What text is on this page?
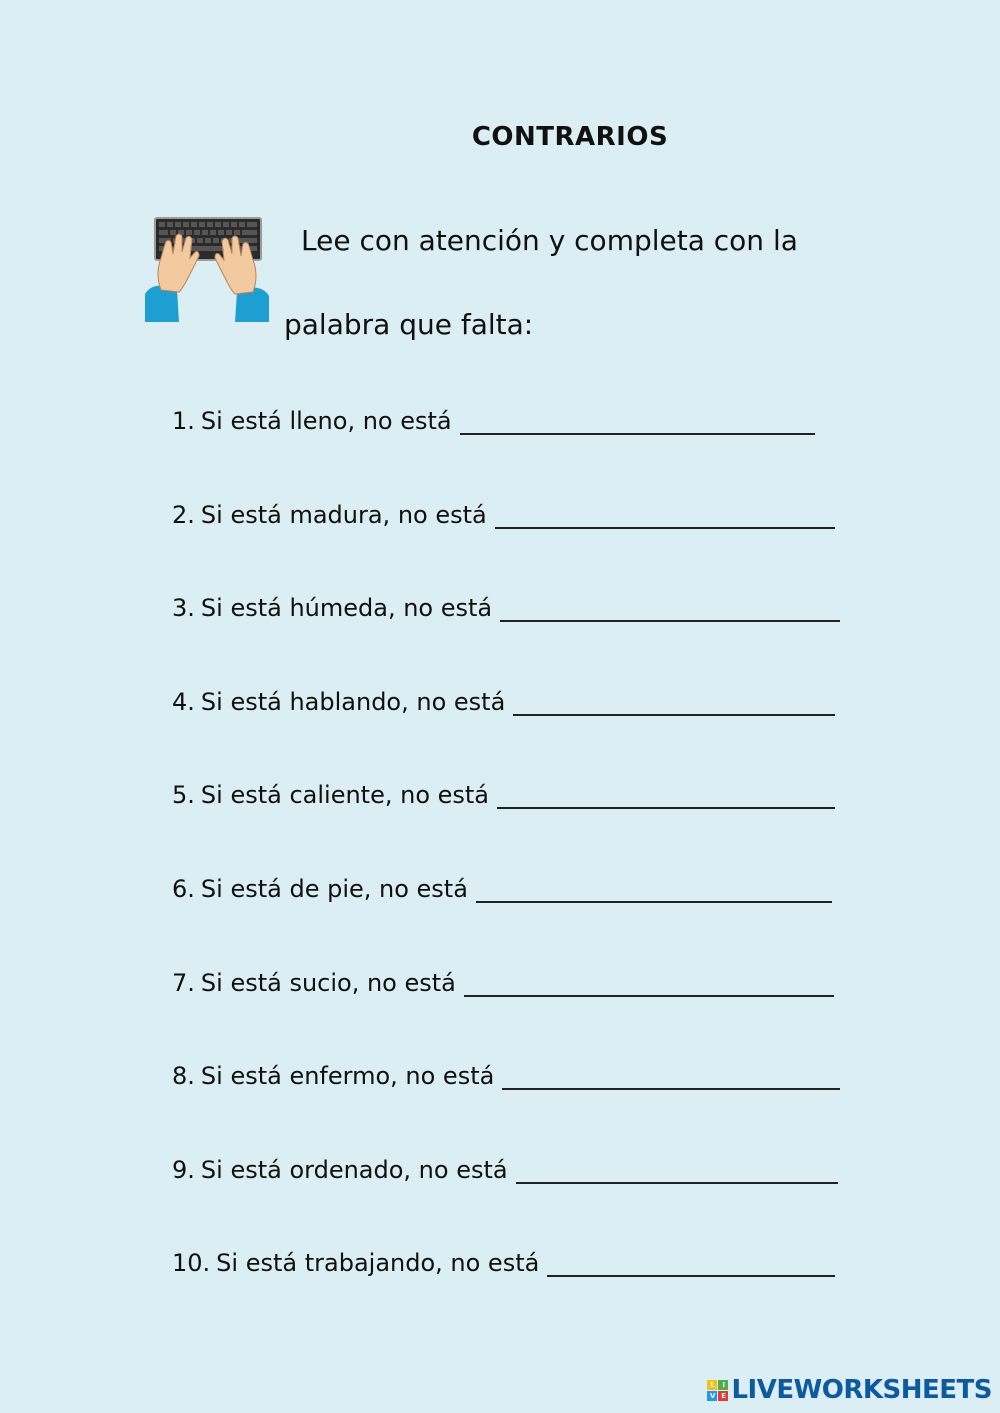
CONTRARIOS
Lee con atención y completa con la
palabra que falta:
1. Si está lleno, no está
2. Si está madura, no está
3. Si está húmeda, no está
4. Si está hablando, no está
5. Si está caliente, no está
6. Si está de pie, no está
7. Si está sucio, no está
8. Si está enfermo, no está
9. Si está ordenado, no está
10. Si está trabajando, no está
L	I
V E LIVEWORKSHEETS
